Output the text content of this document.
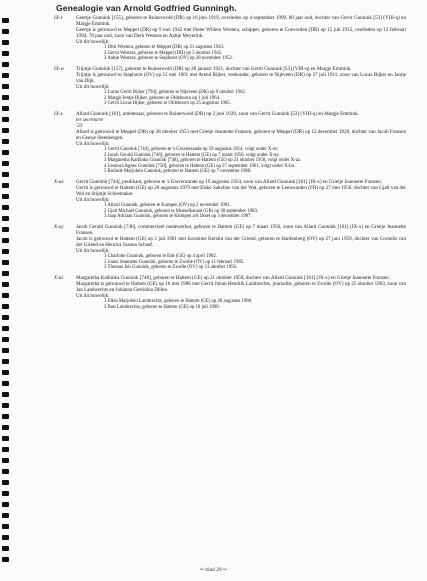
Genealogie van Arnold Godfried Gunningh.
IX-v	Geertje Gunnink [155], geboren te Ruinerwold (DR) op 16 juni 1919, overleden op 4 september 1999, 80 jaar oud, dochter van Gerrit Gunnink [53] (VIII-q) en Margje Emmink.
Geertje is getrouwd te Meppel (DR) op 9 mei 1942 met Pieter Willem Westera, schipper, geboren te Coevorden (DR) op 15 juli 1915, overleden op 12 februari 1994, 78 jaar oud, zoon van Derk Westera en Aaltje Meyerink.
Uit dit huwelijk:
1 Dirk Westera, geboren te Meppel (DR) op 21 augustus 1943.
2 Gerrit Westera, geboren te Meppel (DR) op 3 oktober 1945.
3 Aaltje Westera, geboren te Staphorst (OV) op 28 november 1952.
IX-w Trijntje Gunnink [157], geboren te Ruinerwold (DR) op 28 januari 1921, dochter van Gerrit Gunnink [53] (VIII-q) en Margje Emmink.
Trijntje is getrouwd te Staphorst (OV) op 12 mei 1961 met Arend Bijker, veehouder, geboren te Nijeveen (DR) op 27 juli 1911, zoon van Lucas Bijker en Jantje van Dijk.
Uit dit huwelijk:
1 Lucas Gerrit Bijker [794], geboren te Nijeveen (DR) op 9 oktober 1962.
2 Margje Jentje Bijker, geboren te Oldeboorn op 1 juli 1964.
3 Gerrit Lucas Bijker, geboren te Oldeboorn op 25 augustus 1965.
IX-x	Allard Gunnink [161], ambtenaar, geboren te Ruinerwold (DR) op 2 juni 1928, zoon van Gerrit Gunnink [53] (VIII-q) en Margje Emmink.
ter secretarie
'23'
Allard is getrouwd te Meppel (DR) op 28 oktober 1953 met Grietje Jeannette Fransen, geboren te Meppel (DR) op 12 december 1928, dochter van Jacob Fransen en Geesje Steenbergen.
Uit dit huwelijk:
1 Gerrit Gunnink [744], geboren te 's Gravenzande op 19 augustus 1954, volgt onder X-av.
2 Jacob Gerald Gunnink [746], geboren te Hattem (GE) op 7 maart 1956, volgt onder X-ay.
3 Margaretha Kathinka Gunnink [748], geboren te Hattem (GE) op 21 oktober 1958, volgt onder X-az.
4 Leonora Agnes Gunnink [750], geboren te Hattem (GE) op 27 september 1961, volgt onder X-ba.
5 Rolinde Marjolein Gunnink, geboren te Hattem (GE) op 7 november 1968.
X-ax Gerrit Gunnink [744], predikant, geboren te 's Gravenzande op 19 augustus 1954, zoon van Allard Gunnink [161] (IX-x) en Grietje Jeannette Fransen.
Gerrit is getrouwd te Hattem (GE) op 28 augustus 1979 met Elske Sakeline van der Wal, geboren te Leeuwarden (FR) op 27 mei 1956, dochter van Gjalt van der Wal en Stijntje Schoemaker.
Uit dit huwelijk:
1 Allard Gunnink, geboren te Kampen (OV) op 2 november 1981.
2 Gjalt Michael Gunnink, geboren te Musselkanaal (GR) op 30 september 1983.
3 Jaap Adriaan Gunnink, geboren te Krimpen a/d IJssel op 3 december 1987.
X-ay Jacob Gerald Gunnink [746], commercieel medewerker, geboren te Hattem (GE) op 7 maart 1956, zoon van Allard Gunnink [161] (IX-x) en Grietje Jeannette Fransen.
Jacob is getrouwd te Hattem (GE) op 2 juli 1981 met Jacomine Kerstin van der Griend, geboren te Hardenberg (OV) op 27 juni 1959, dochter van Cornelis van der Griend en Henrica Joanna Schaaf.
Uit dit huwelijk:
1 Charlotte Gunnink, geboren te Ede (GE) op 4 april 1982.
2 Joane Jeannette Gunnink, geboren te Zwolle (OV) op 11 februari 1985.
3 Thomas Job Gunnink, geboren te Zwolle (OV) op 13 oktober 1993.
X-az Margaretha Kathinka Gunnink [748], geboren te Hattem (GE) op 21 oktober 1958, dochter van Allard Gunnink [161] (IX-x) en Grietje Jeannette Fransen.
Margaretha is getrouwd te Hattem (GE) op 16 mei 1986 met Gerrit Johan Hendrik Lambrechts, journalist, geboren te Zwolle (OV) op 25 oktober 1963, zoon van Jan Lambrechts en Johanna Gerridina Dillen.
Uit dit huwelijk:
1 Ellen Marjolein Lambrechts, geboren te Hattem (GE) op 28 augustus 1988.
2 Bart Lambrechts, geboren te Hattem (GE) op 10 juli 1990.
•• blad 29 ••
